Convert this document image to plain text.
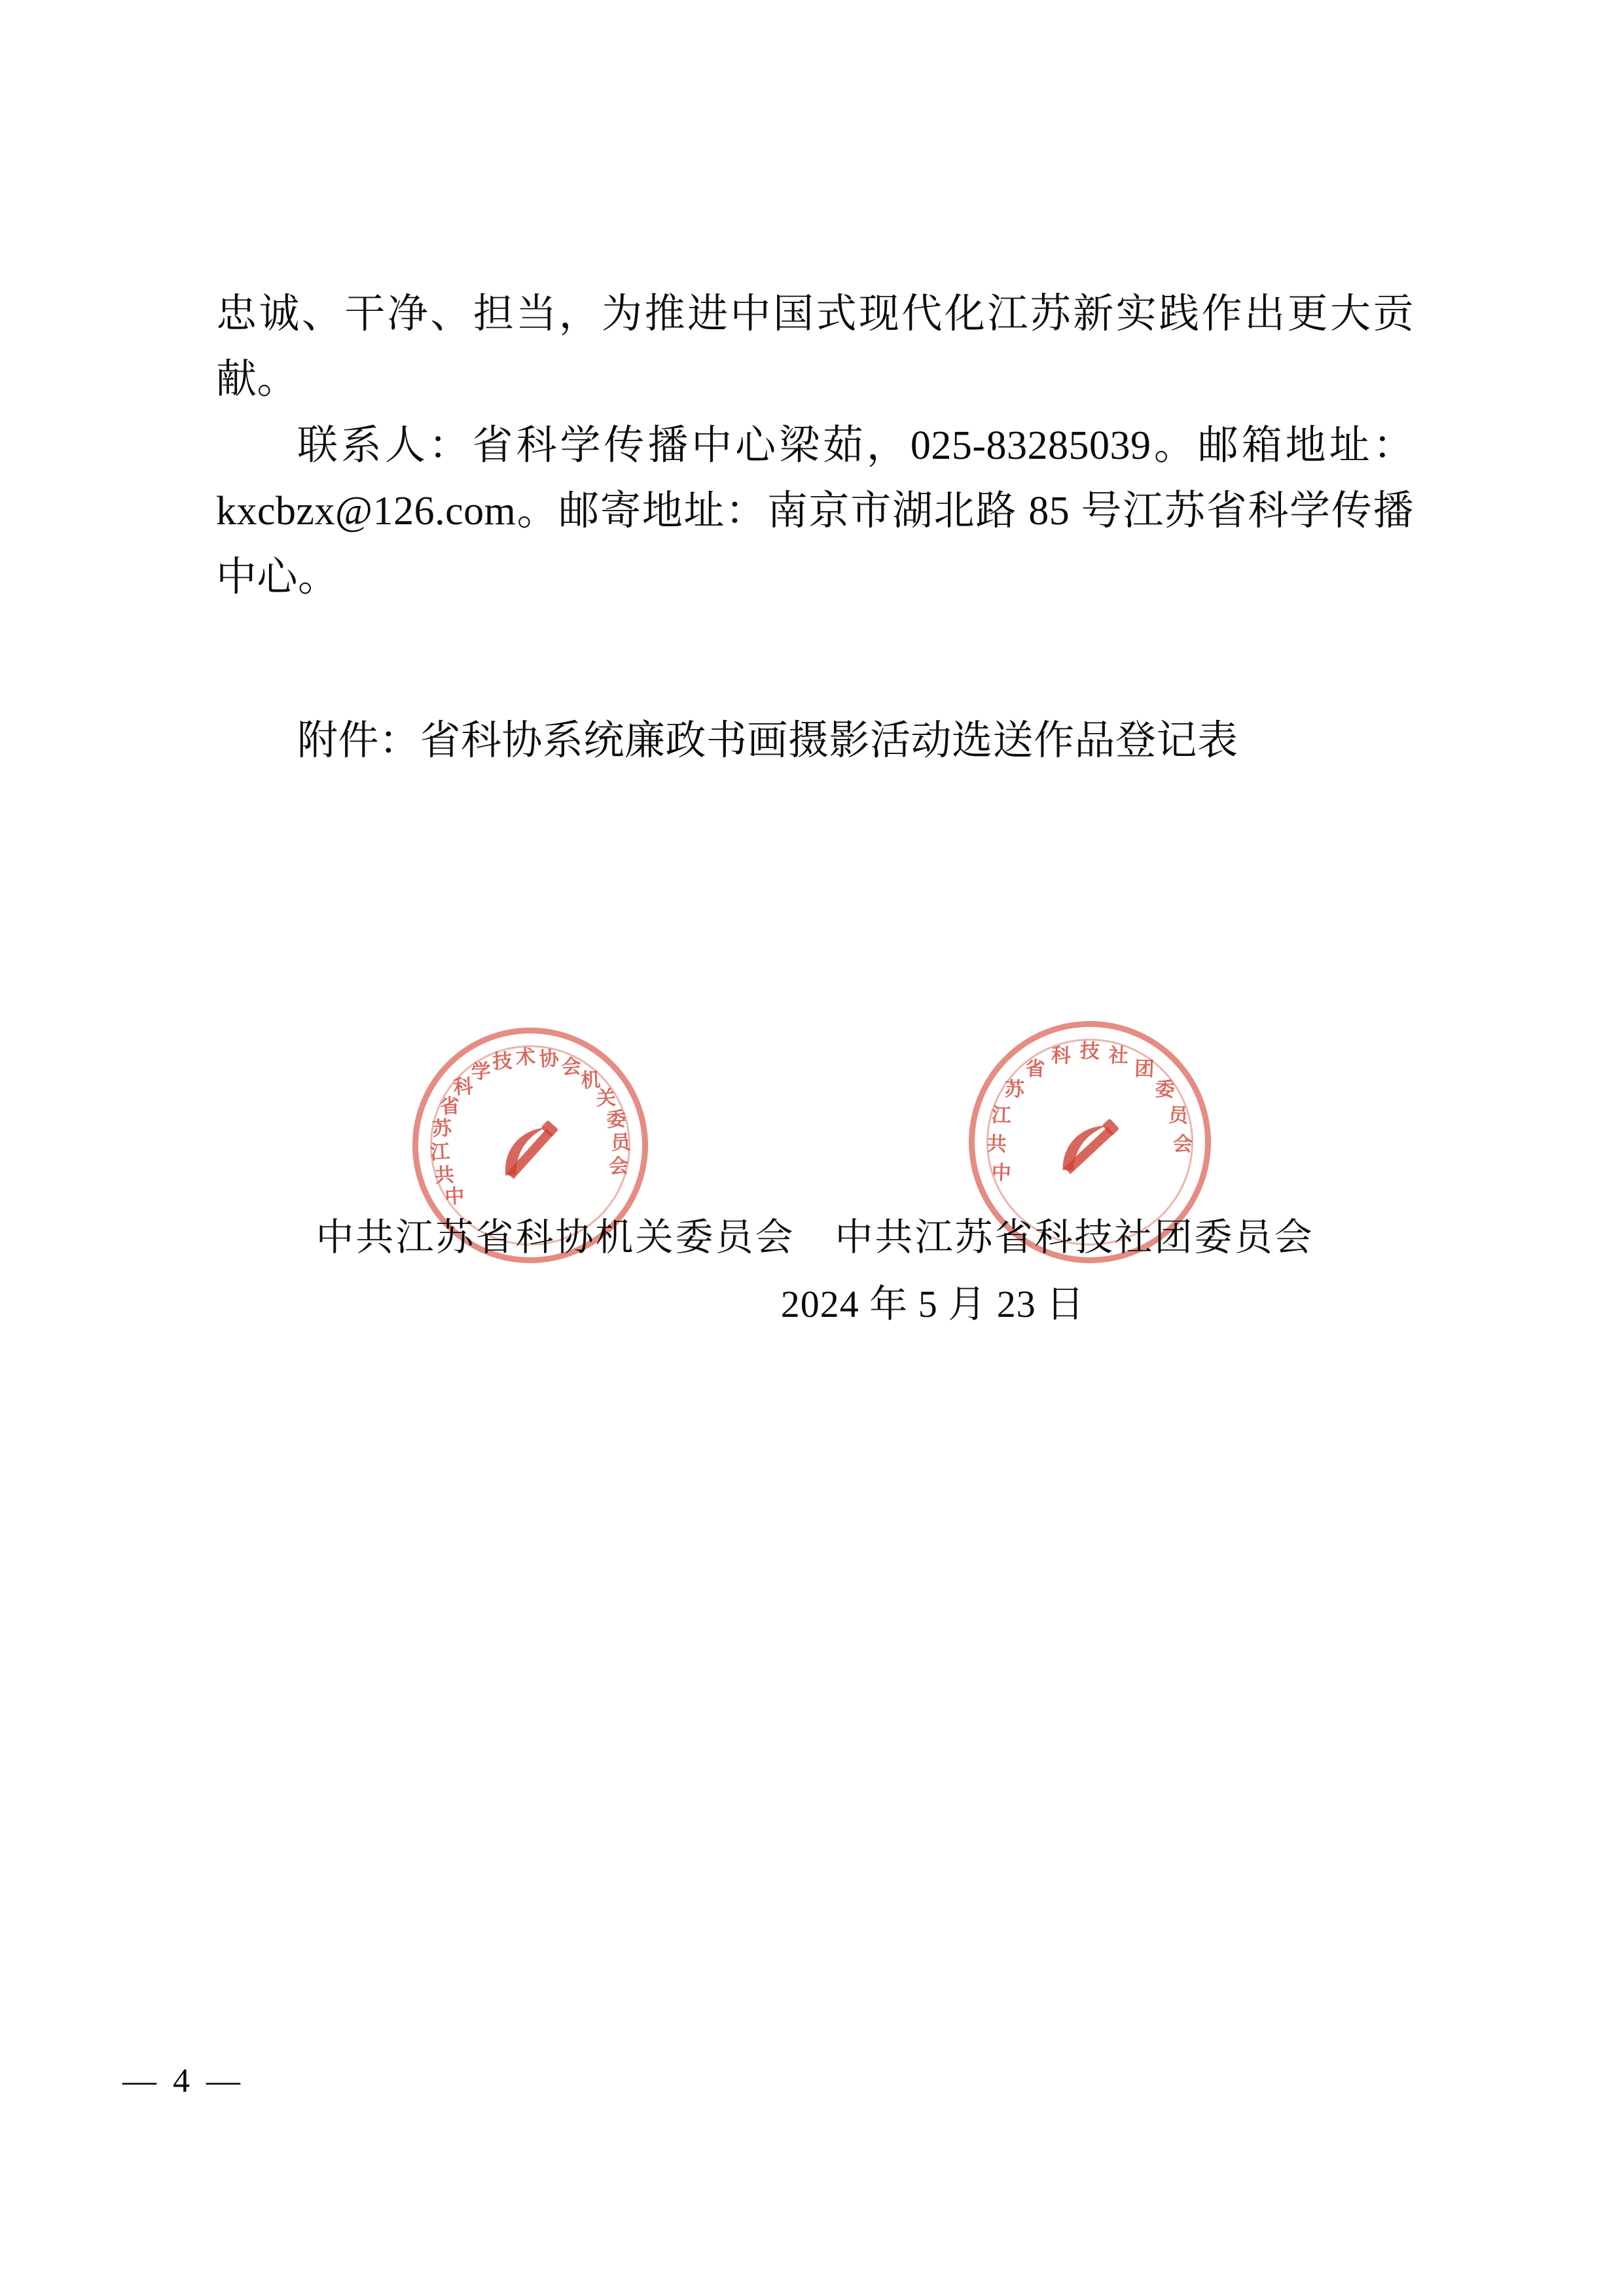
忠诚、干净、担当，为推进中国式现代化江苏新实践作出更大贡献。

联系人：省科学传播中心梁茹，025-83285039。邮箱地址：kxcbzx@126.com。邮寄地址：南京市湖北路 85 号江苏省科学传播中心。

附件：省科协系统廉政书画摄影活动选送作品登记表

中
共
江
苏
省
科
学 技 术 协 会
机
关
委
员
会	中
共
江
苏
省
科 技 社
团
委
员
会
中共江苏省科协机关委员会　中共江苏省科技社团委员会
2024 年 5 月 23 日
— 4 —
